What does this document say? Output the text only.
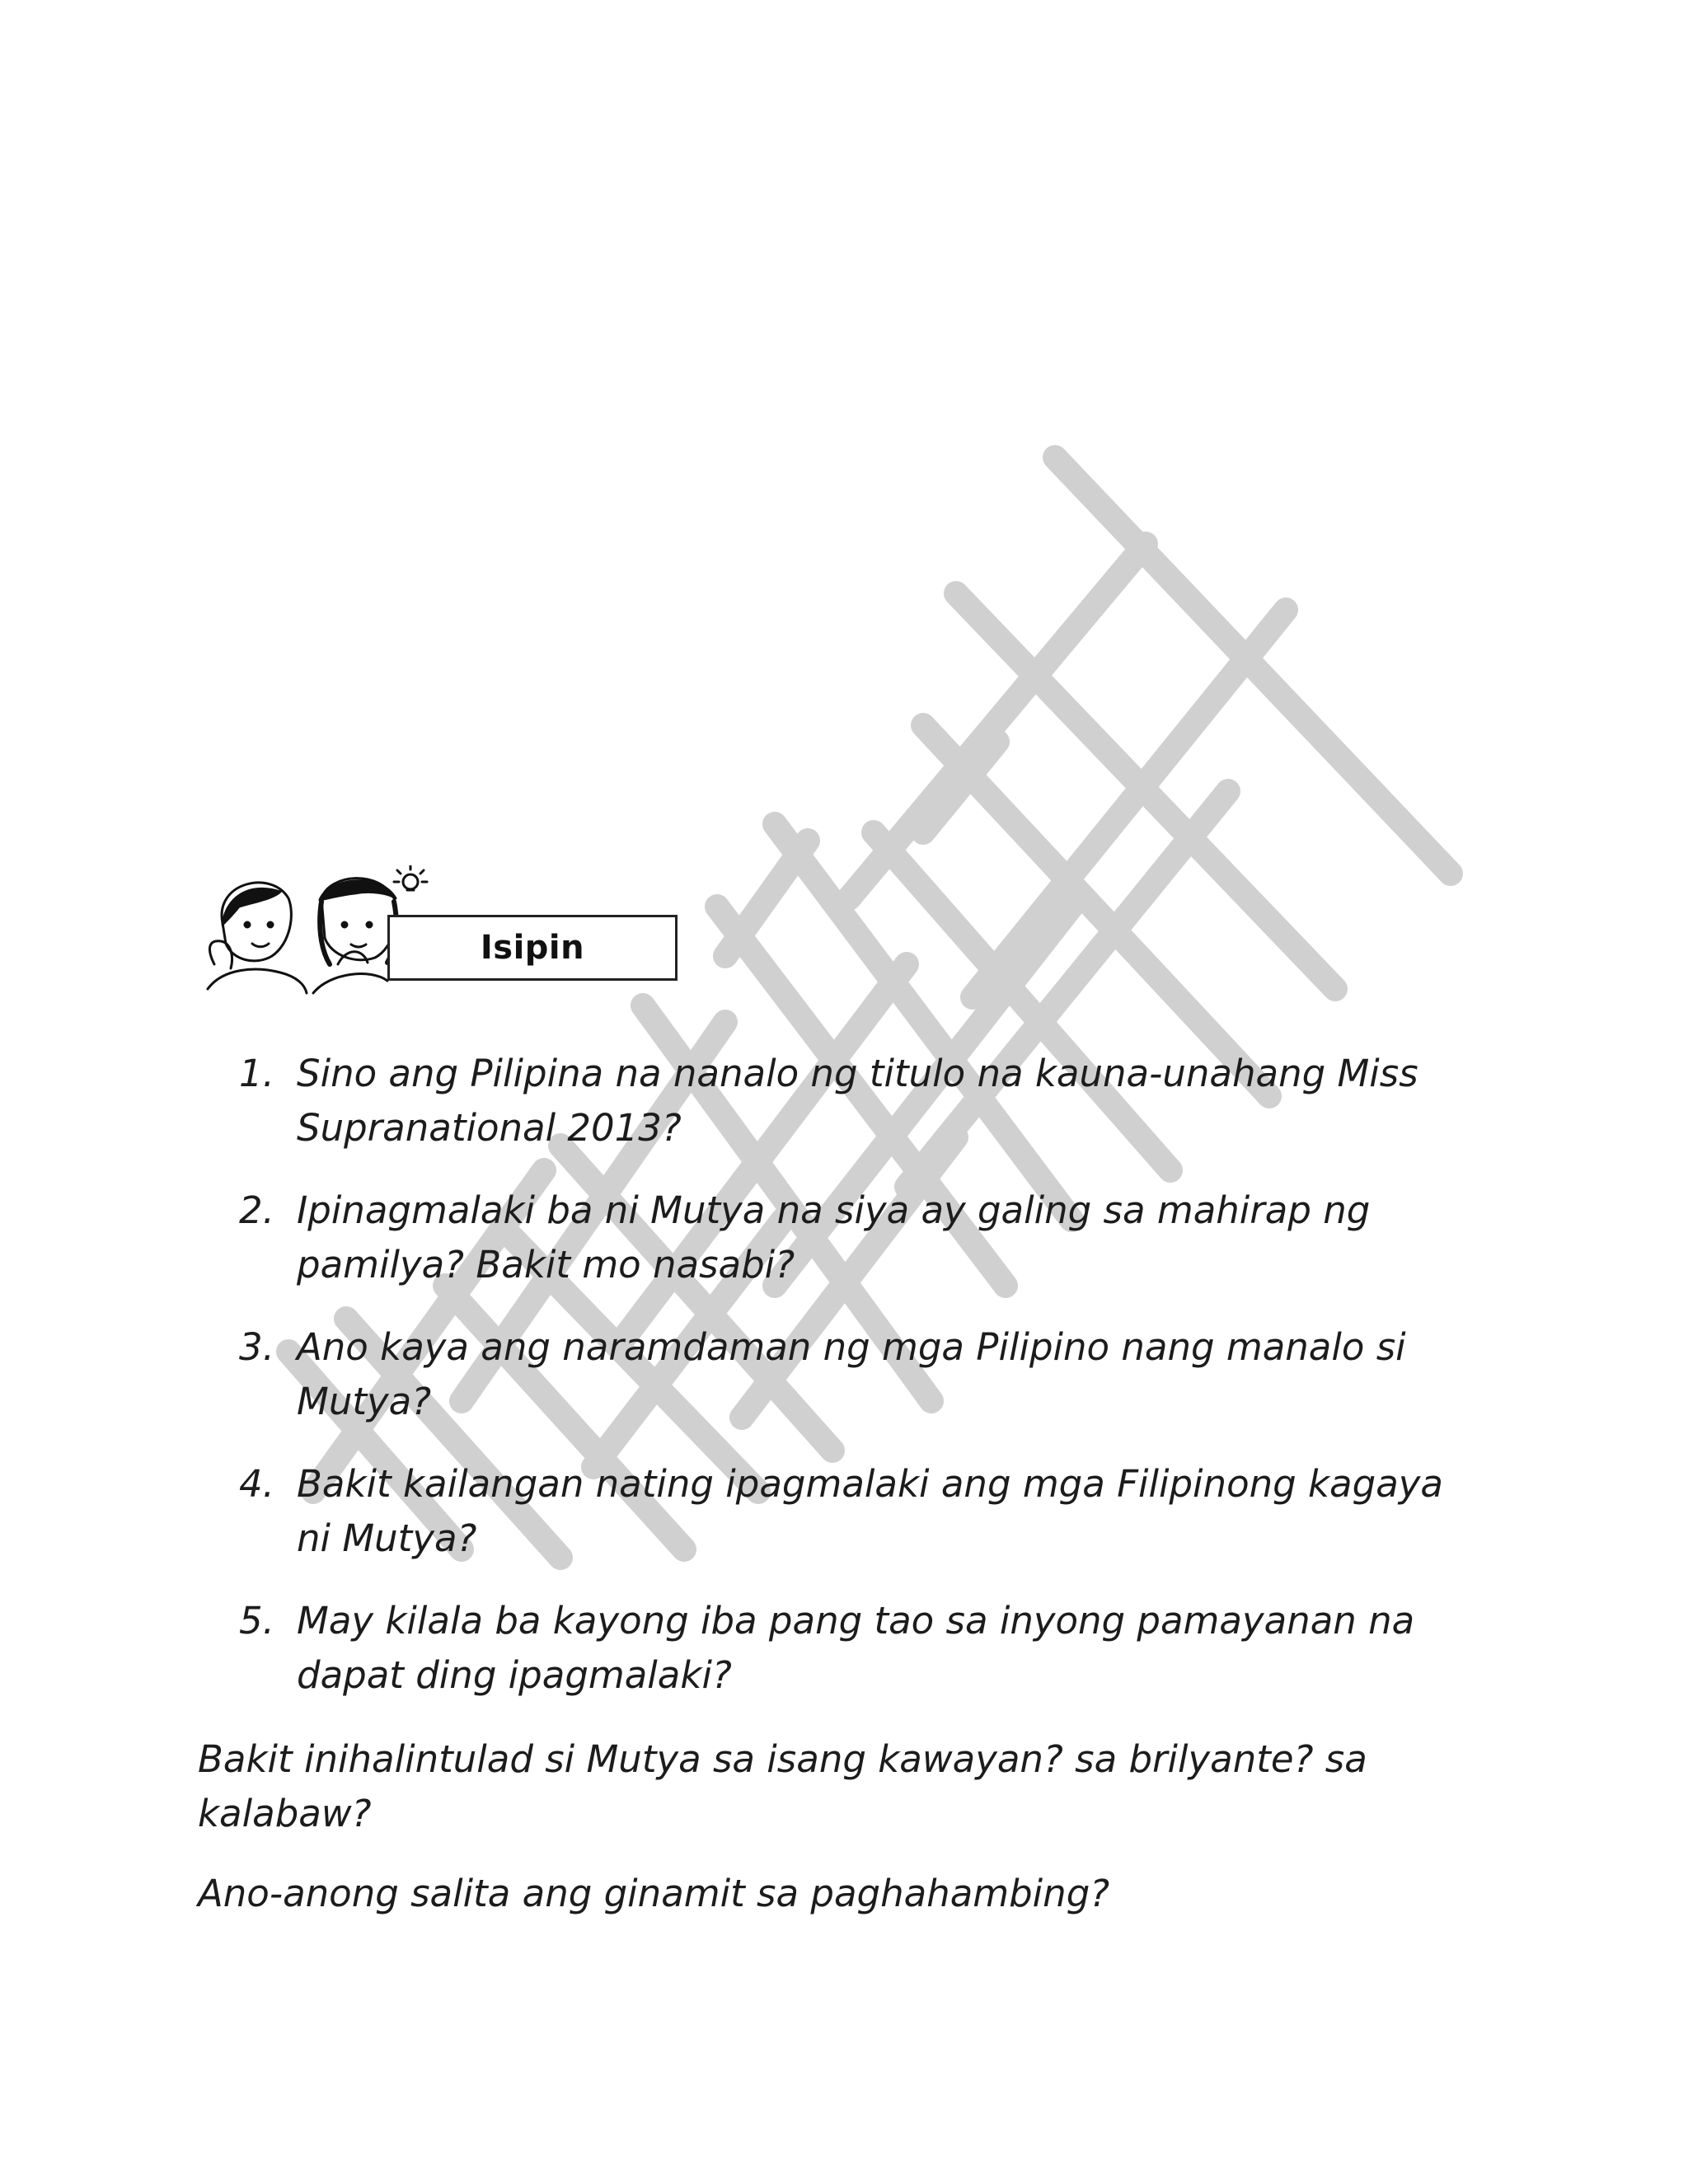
Isipin
1. Sino ang Pilipina na nanalo ng titulo na kauna-unahang Miss Supranational 2013?
2. Ipinagmalaki ba ni Mutya na siya ay galing sa mahirap ng pamilya? Bakit mo nasabi?
3. Ano kaya ang naramdaman ng mga Pilipino nang manalo si Mutya?
4. Bakit kailangan nating ipagmalaki ang mga Filipinong kagaya ni Mutya?
5. May kilala ba kayong iba pang tao sa inyong pamayanan na dapat ding ipagmalaki?

Bakit inihalintulad si Mutya sa isang kawayan? sa brilyante? sa kalabaw?

Ano-anong salita ang ginamit sa paghahambing?
